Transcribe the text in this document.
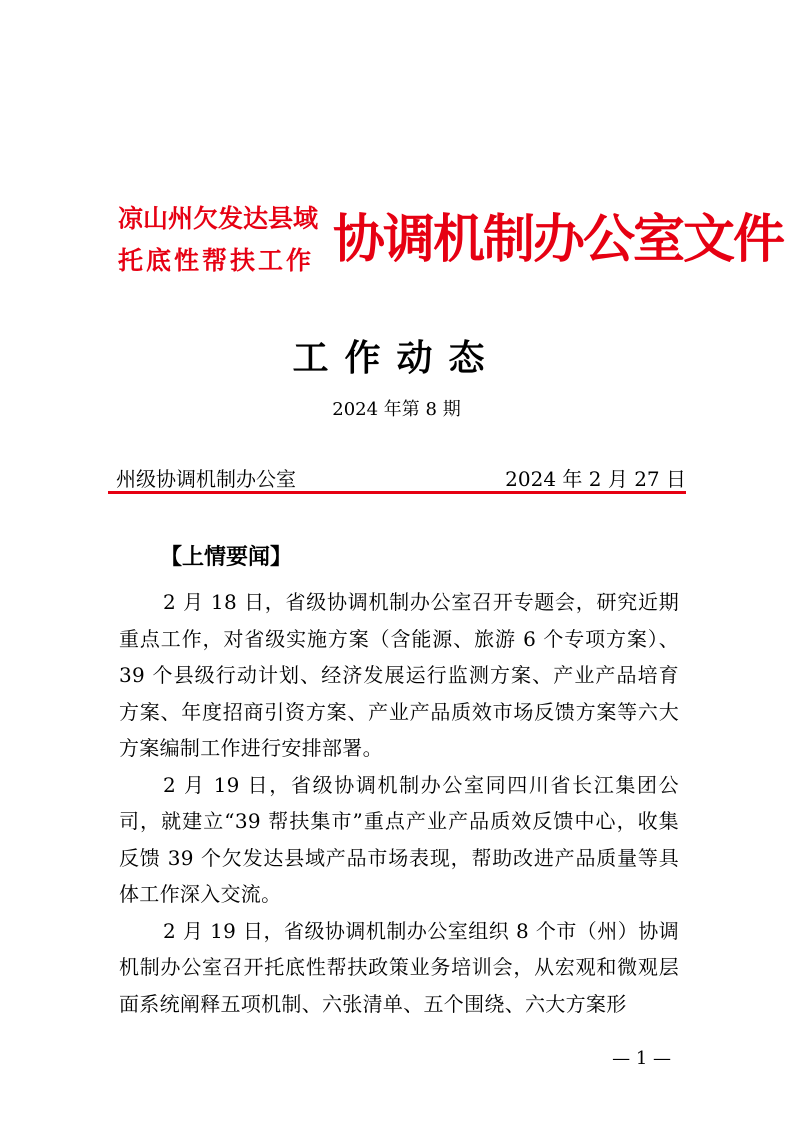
凉山州欠发达县域
托底性帮扶工作 协调机制办公室文件
工作动态
2024 年第 8 期
州级协调机制办公室	2024 年 2 月 27 日
【上情要闻】

2 月 18 日，省级协调机制办公室召开专题会，研究近期重点工作，对省级实施方案（含能源、旅游 6 个专项方案）、39 个县级行动计划、经济发展运行监测方案、产业产品培育方案、年度招商引资方案、产业产品质效市场反馈方案等六大方案编制工作进行安排部署。

2 月 19 日，省级协调机制办公室同四川省长江集团公司，就建立“39 帮扶集市”重点产业产品质效反馈中心，收集反馈 39 个欠发达县域产品市场表现，帮助改进产品质量等具体工作深入交流。

2 月 19 日，省级协调机制办公室组织 8 个市（州）协调机制办公室召开托底性帮扶政策业务培训会，从宏观和微观层面系统阐释五项机制、六张清单、五个围绕、六大方案形

— 1 —
